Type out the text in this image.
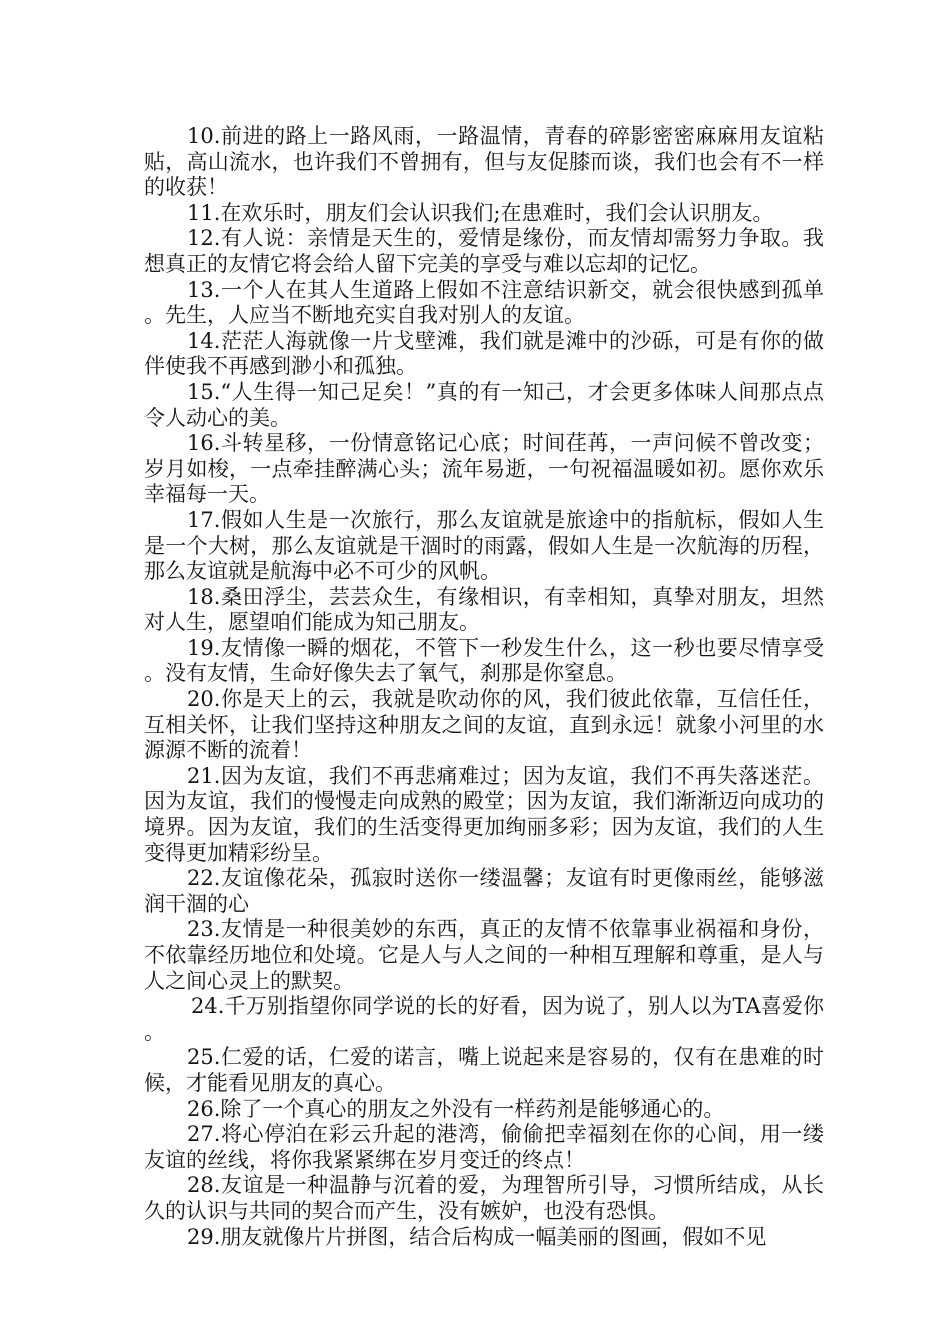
10.前进的路上一路风雨，一路温情，青春的碎影密密麻麻用友谊粘贴，高山流水，也许我们不曾拥有，但与友促膝而谈，我们也会有不一样的收获！

11.在欢乐时，朋友们会认识我们;在患难时，我们会认识朋友。

12.有人说：亲情是天生的，爱情是缘份，而友情却需努力争取。我想真正的友情它将会给人留下完美的享受与难以忘却的记忆。

13.一个人在其人生道路上假如不注意结识新交，就会很快感到孤单。先生，人应当不断地充实自我对别人的友谊。

14.茫茫人海就像一片戈壁滩，我们就是滩中的沙砾，可是有你的做伴使我不再感到渺小和孤独。

15.“人生得一知己足矣！”真的有一知己，才会更多体味人间那点点令人动心的美。

16.斗转星移，一份情意铭记心底；时间荏苒，一声问候不曾改变；岁月如梭，一点牵挂醉满心头；流年易逝，一句祝福温暖如初。愿你欢乐幸福每一天。

17.假如人生是一次旅行，那么友谊就是旅途中的指航标，假如人生是一个大树，那么友谊就是干涸时的雨露，假如人生是一次航海的历程，那么友谊就是航海中必不可少的风帆。

18.桑田浮尘，芸芸众生，有缘相识，有幸相知，真挚对朋友，坦然对人生，愿望咱们能成为知己朋友。

19.友情像一瞬的烟花，不管下一秒发生什么，这一秒也要尽情享受。没有友情，生命好像失去了氧气，刹那是你窒息。

20.你是天上的云，我就是吹动你的风，我们彼此依靠，互信任任，互相关怀，让我们坚持这种朋友之间的友谊，直到永远！就象小河里的水源源不断的流着！

21.因为友谊，我们不再悲痛难过；因为友谊，我们不再失落迷茫。因为友谊，我们的慢慢走向成熟的殿堂；因为友谊，我们渐渐迈向成功的境界。因为友谊，我们的生活变得更加绚丽多彩；因为友谊，我们的人生变得更加精彩纷呈。

22.友谊像花朵，孤寂时送你一缕温馨；友谊有时更像雨丝，能够滋润干涸的心

23.友情是一种很美妙的东西，真正的友情不依靠事业祸福和身份，不依靠经历地位和处境。它是人与人之间的一种相互理解和尊重，是人与人之间心灵上的默契。

24.千万别指望你同学说的长的好看，因为说了，别人以为TA喜爱你。

25.仁爱的话，仁爱的诺言，嘴上说起来是容易的，仅有在患难的时候，才能看见朋友的真心。

26.除了一个真心的朋友之外没有一样药剂是能够通心的。

27.将心停泊在彩云升起的港湾，偷偷把幸福刻在你的心间，用一缕友谊的丝线，将你我紧紧绑在岁月变迁的终点！

28.友谊是一种温静与沉着的爱，为理智所引导，习惯所结成，从长久的认识与共同的契合而产生，没有嫉妒，也没有恐惧。

29.朋友就像片片拼图，结合后构成一幅美丽的图画，假如不见
